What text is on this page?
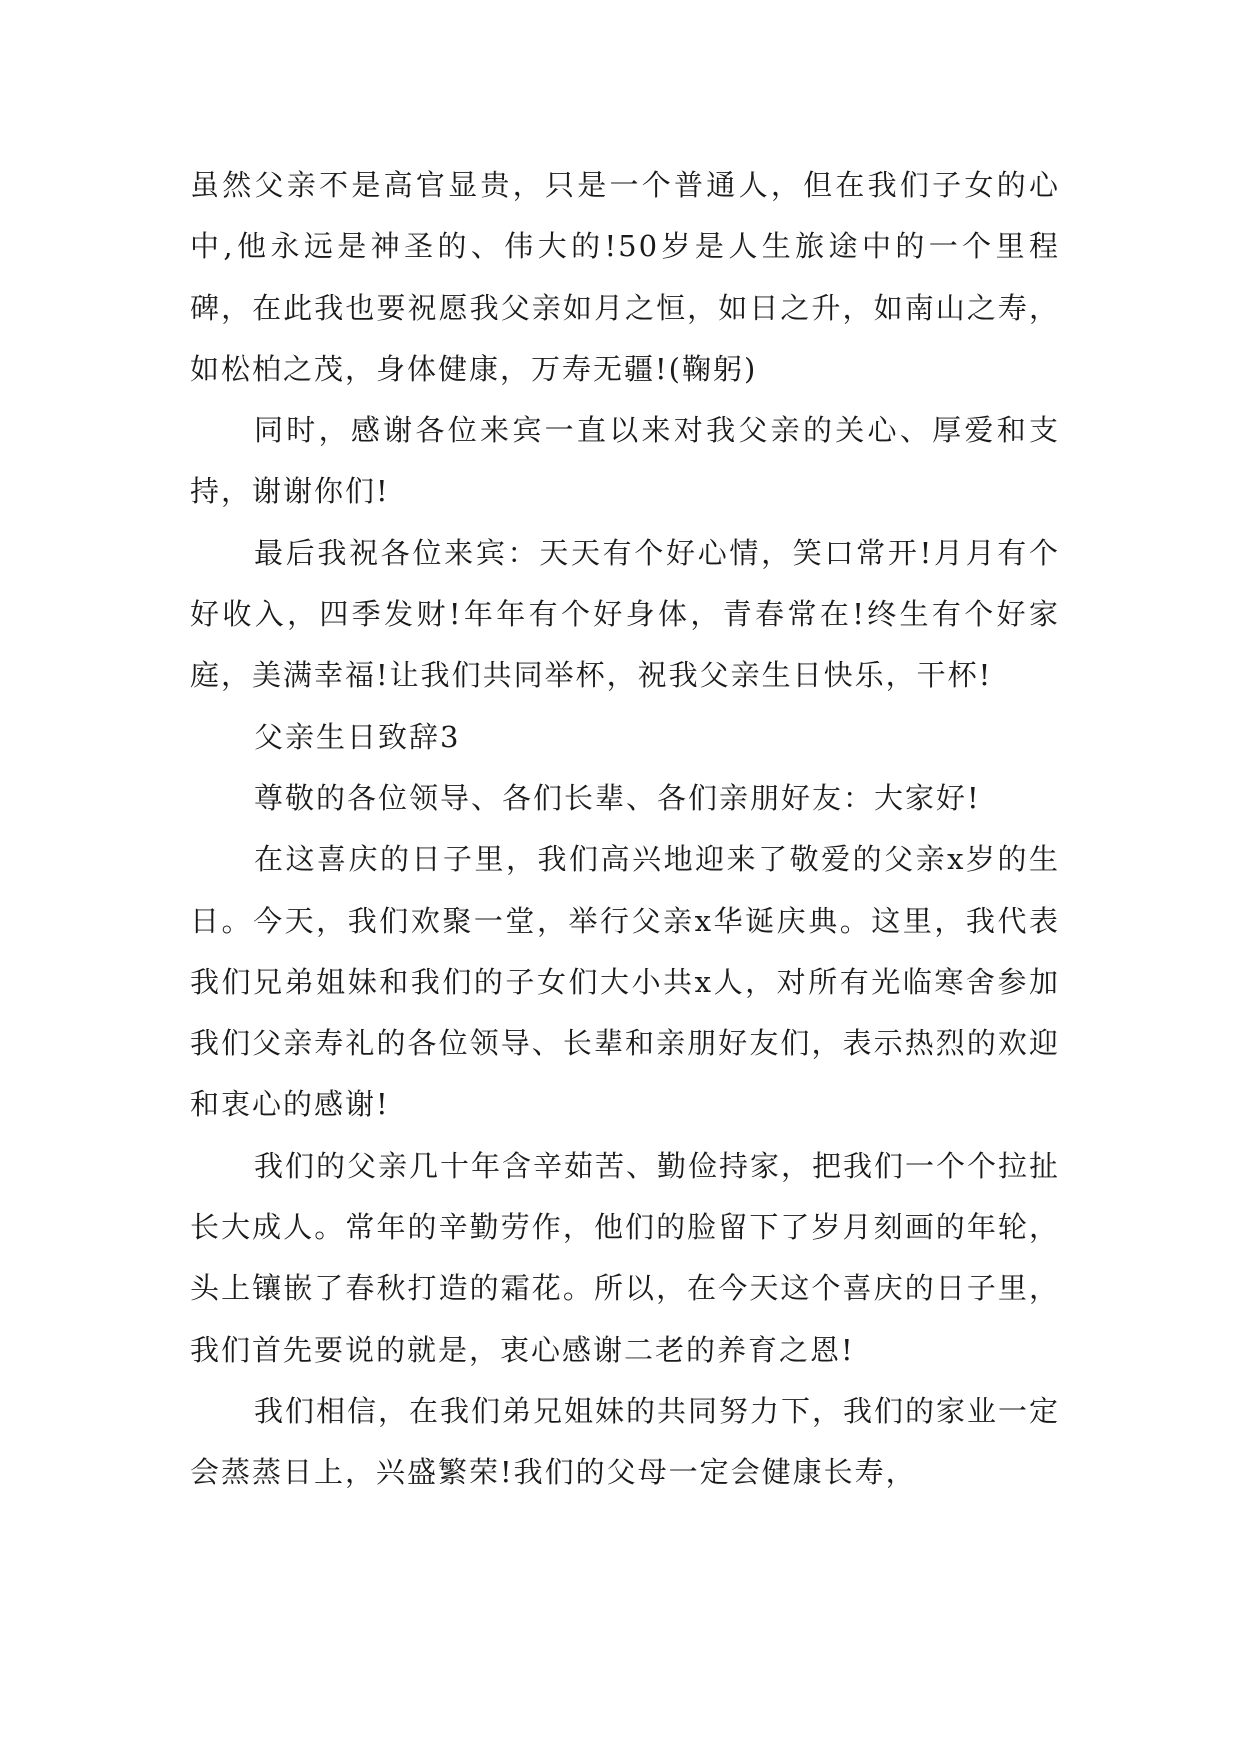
虽然父亲不是高官显贵，只是一个普通人，但在我们子女的心中,他永远是神圣的、伟大的!50岁是人生旅途中的一个里程碑，在此我也要祝愿我父亲如月之恒，如日之升，如南山之寿，如松柏之茂，身体健康，万寿无疆!(鞠躬)

同时，感谢各位来宾一直以来对我父亲的关心、厚爱和支持，谢谢你们!

最后我祝各位来宾：天天有个好心情，笑口常开!月月有个好收入，四季发财!年年有个好身体，青春常在!终生有个好家庭，美满幸福!让我们共同举杯，祝我父亲生日快乐，干杯!

父亲生日致辞3

尊敬的各位领导、各们长辈、各们亲朋好友：大家好!

在这喜庆的日子里，我们高兴地迎来了敬爱的父亲x岁的生日。今天，我们欢聚一堂，举行父亲x华诞庆典。这里，我代表我们兄弟姐妹和我们的子女们大小共x人，对所有光临寒舍参加我们父亲寿礼的各位领导、长辈和亲朋好友们，表示热烈的欢迎和衷心的感谢!

我们的父亲几十年含辛茹苦、勤俭持家，把我们一个个拉扯长大成人。常年的辛勤劳作，他们的脸留下了岁月刻画的年轮，头上镶嵌了春秋打造的霜花。所以，在今天这个喜庆的日子里，我们首先要说的就是，衷心感谢二老的养育之恩!

我们相信，在我们弟兄姐妹的共同努力下，我们的家业一定会蒸蒸日上，兴盛繁荣!我们的父母一定会健康长寿，
